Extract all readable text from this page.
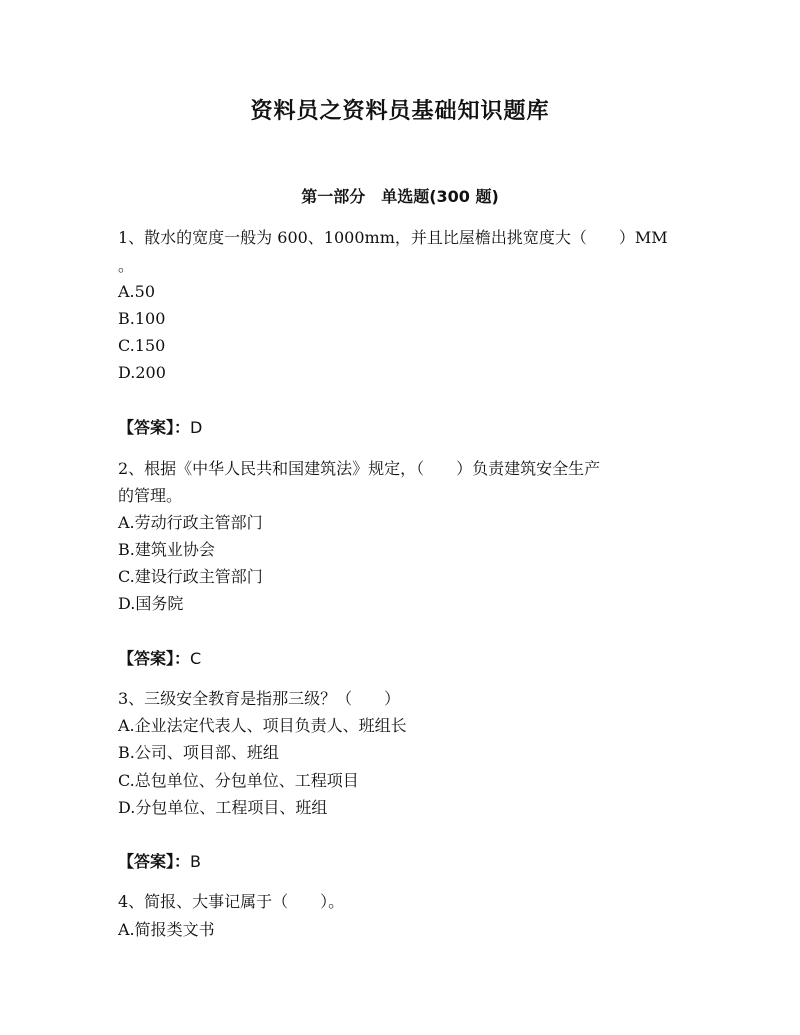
资料员之资料员基础知识题库
第一部分　单选题(300 题)
1、散水的宽度一般为 600、1000mm，并且比屋檐出挑宽度大（　　）MM
。
A.50
B.100
C.150
D.200
【答案】：D
2、根据《中华人民共和国建筑法》规定，（　　）负责建筑安全生产
的管理。
A.劳动行政主管部门
B.建筑业协会
C.建设行政主管部门
D.国务院
【答案】：C
3、三级安全教育是指那三级？（　　）
A.企业法定代表人、项目负责人、班组长
B.公司、项目部、班组
C.总包单位、分包单位、工程项目
D.分包单位、工程项目、班组
【答案】：B
4、简报、大事记属于（　　）。
A.简报类文书
